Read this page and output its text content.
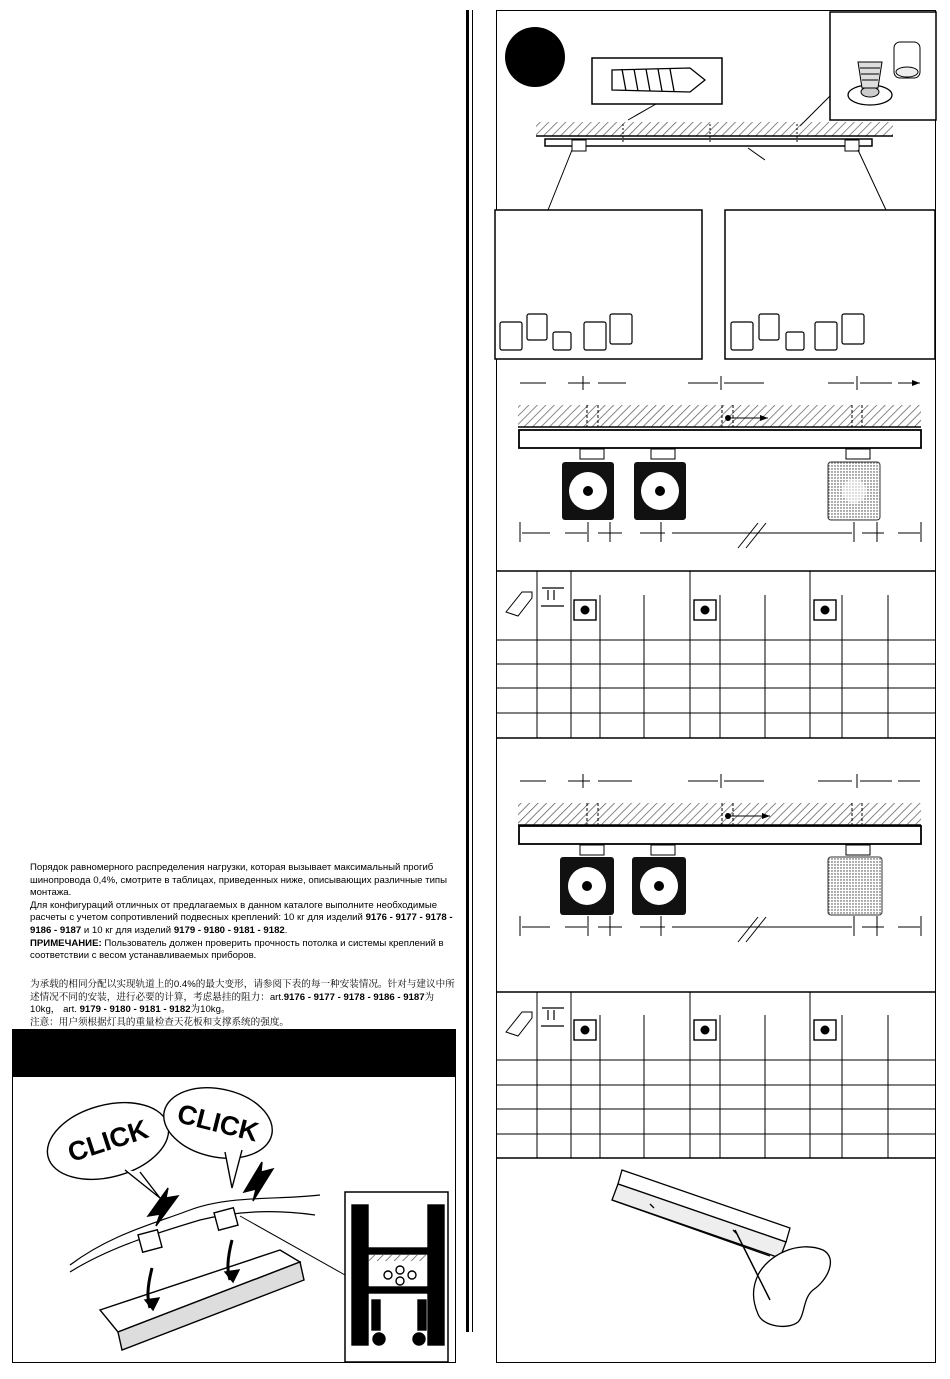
Порядок равномерного распределения нагрузки, которая вызывает максимальный прогиб шинопровода 0,4%, смотрите в таблицах, приведенных ниже, описывающих различные типы монтажа.

Для конфигураций отличных от предлагаемых в данном каталоге выполните необходимые расчеты с учетом сопротивлений подвесных креплений: 10 кг для изделий 9176 - 9177 - 9178 - 9186 - 9187 и 10 кг для изделий 9179 - 9180 - 9181 - 9182.

ПРИМЕЧАНИЕ: Пользователь должен проверить прочность потолка и системы креплений в соответствии с весом устанавливаемых приборов.

为承载的相同分配以实现轨道上的0.4%的最大变形，请参阅下表的每一种安装情况。针对与建议中所述情况不同的安装，进行必要的计算，考虑悬挂的阻力：art.9176 - 9177 - 9178 - 9186 - 9187为10kg， art. 9179 - 9180 - 9181 - 9182为10kg。

注意：用户须根据灯具的重量检查天花板和支撑系统的强度。

CLICK CLICK
